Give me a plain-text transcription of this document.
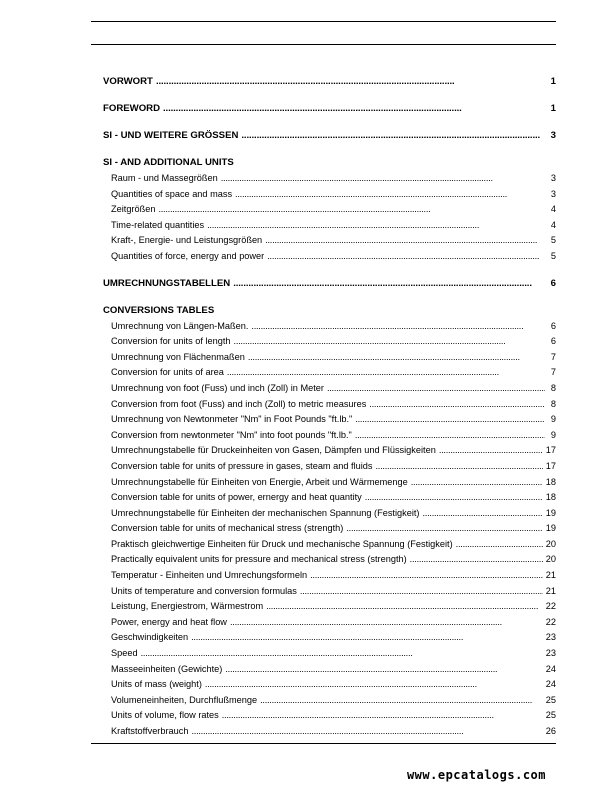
VORWORT . . .	1
FOREWORD . . .	1
SI - UND WEITERE GRÖSSEN . . .	3
SI - AND ADDITIONAL UNITS
Raum - und Massegrößen . . .	3
Quantities of space and mass . . .	3
Zeitgrößen . . .	4
Time-related quantities . . .	4
Kraft-, Energie- und Leistungsgrößen . . .	5
Quantities of force, energy and power . . .	5
UMRECHNUNGSTABELLEN . . .	6
CONVERSIONS TABLES
Umrechnung von Längen-Maßen. . . .	6
Conversion for units of length . . .	6
Umrechnung von Flächenmaßen . . .	7
Conversion for units of area . . .	7
Umrechnung von foot (Fuss) und inch (Zoll) in Meter . . .	8
Conversion from foot (Fuss) and inch (Zoll) to metric measures . . .	8
Umrechnung von Newtonmeter "Nm" in Foot Pounds "ft.lb." . . .	9
Conversion from newtonmeter "Nm" into foot pounds "ft.lb." . . .	9
Umrechnungstabelle für Druckeinheiten von Gasen, Dämpfen und Flüssigkeiten . . .	17
Conversion table for units of pressure in gases, steam and fluids . . .	17
Umrechnungstabelle für Einheiten von Energie, Arbeit und Wärmemenge . . .	18
Conversion table for units of power, ernergy and heat quantity . . .	18
Umrechnungstabelle für Einheiten der mechanischen Spannung (Festigkeit) . . .	19
Conversion table for units of mechanical stress (strength) . . .	19
Praktisch gleichwertige Einheiten für Druck und mechanische Spannung (Festigkeit) . . .	20
Practically equivalent units for pressure and mechanical stress (strength) . . .	20
Temperatur - Einheiten und Umrechungsformeln . . .	21
Units of temperature and conversion formulas . . .	21
Leistung, Energiestrom, Wärmestrom . . .	22
Power, energy and heat flow . . .	22
Geschwindigkeiten . . .	23
Speed . . .	23
Masseeinheiten (Gewichte) . . .	24
Units of mass (weight) . . .	24
Volumeneinheiten, Durchflußmenge . . .	25
Units of volume, flow rates . . .	25
Kraftstoffverbrauch . . .	26
www.epcatalogs.com
